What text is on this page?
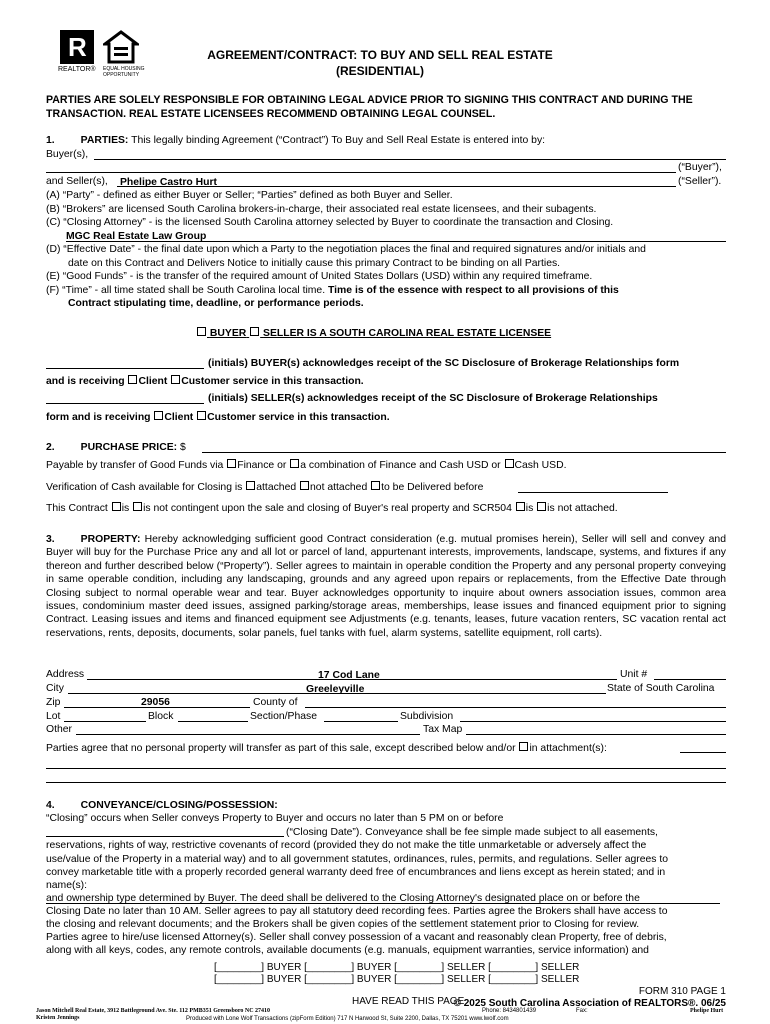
R
REALTOR® EQUAL HOUSING
OPPORTUNITY
AGREEMENT/CONTRACT: TO BUY AND SELL REAL ESTATE
(RESIDENTIAL)
PARTIES ARE SOLELY RESPONSIBLE FOR OBTAINING LEGAL ADVICE PRIOR TO SIGNING THIS CONTRACT AND DURING THE TRANSACTION. REAL ESTATE LICENSEES RECOMMEND OBTAINING LEGAL COUNSEL.
1.	PARTIES: This legally binding Agreement (“Contract”) To Buy and Sell Real Estate is entered into by:
Buyer(s),
(“Buyer”),
and Seller(s), Phelipe Castro Hurt	(“Seller”).
(A) “Party” - defined as either Buyer or Seller; “Parties” defined as both Buyer and Seller.
(B) “Brokers” are licensed South Carolina brokers-in-charge, their associated real estate licensees, and their subagents.
(C) “Closing Attorney” - is the licensed South Carolina attorney selected by Buyer to coordinate the transaction and Closing.
MGC Real Estate Law Group
(D) “Effective Date” - the final date upon which a Party to the negotiation places the final and required signatures and/or initials and
date on this Contract and Delivers Notice to initially cause this primary Contract to be binding on all Parties.
(E) “Good Funds” - is the transfer of the required amount of United States Dollars (USD) within any required timeframe.
(F) “Time” - all time stated shall be South Carolina local time. Time is of the essence with respect to all provisions of this
Contract stipulating time, deadline, or performance periods.
BUYER SELLER IS A SOUTH CAROLINA REAL ESTATE LICENSEE
(initials) BUYER(s) acknowledges receipt of the SC Disclosure of Brokerage Relationships form
and is receiving Client Customer service in this transaction.
(initials) SELLER(s) acknowledges receipt of the SC Disclosure of Brokerage Relationships
form and is receiving Client Customer service in this transaction.
2.	PURCHASE PRICE: $
Payable by transfer of Good Funds via Finance or a combination of Finance and Cash USD or Cash USD.
Verification of Cash available for Closing is attached not attached to be Delivered before
This Contract is is not contingent upon the sale and closing of Buyer's real property and SCR504 is is not attached.
3.	PROPERTY: Hereby acknowledging sufficient good Contract consideration (e.g. mutual promises herein), Seller will sell and convey and Buyer will buy for the Purchase Price any and all lot or parcel of land, appurtenant interests, improvements, landscape, systems, and fixtures if any thereon and further described below (“Property”). Seller agrees to maintain in operable condition the Property and any personal property conveying in same operable condition, including any landscaping, grounds and any agreed upon repairs or replacements, from the Effective Date through Closing subject to normal operable wear and tear. Buyer acknowledges opportunity to inquire about owners association issues, common area issues, condominium master deed issues, assigned parking/storage areas, memberships, lease issues and financed equipment prior to signing Contract. Leasing issues and items and financed equipment see Adjustments (e.g. tenants, leases, future vacation renters, SC vacation rental act reservations, rents, deposits, documents, solar panels, fuel tanks with fuel, alarm systems, satellite equipment, roll carts).
Address	17 Cod Lane	Unit #
City	Greeleyville	State of South Carolina
Zip	29056	County of
Lot	Block	Section/Phase	Subdivision
Other	Tax Map
Parties agree that no personal property will transfer as part of this sale, except described below and/or in attachment(s):
4.	CONVEYANCE/CLOSING/POSSESSION:
“Closing” occurs when Seller conveys Property to Buyer and occurs no later than 5 PM on or before
(“Closing Date”). Conveyance shall be fee simple made subject to all easements,
reservations, rights of way, restrictive covenants of record (provided they do not make the title unmarketable or adversely affect the
use/value of the Property in a material way) and to all government statutes, ordinances, rules, permits, and regulations. Seller agrees to
convey marketable title with a properly recorded general warranty deed free of encumbrances and liens except as herein stated; and in
name(s):
and ownership type determined by Buyer. The deed shall be delivered to the Closing Attorney's designated place on or before the
Closing Date no later than 10 AM. Seller agrees to pay all statutory deed recording fees. Parties agree the Brokers shall have access to
the closing and relevant documents; and the Brokers shall be given copies of the settlement statement prior to Closing for review.
Parties agree to hire/use licensed Attorney(s). Seller shall convey possession of a vacant and reasonably clean Property, free of debris,
along with all keys, codes, any remote controls, available documents (e.g. manuals, equipment warranties, service information) and
[________] BUYER [________] BUYER [________] SELLER [________] SELLER
[________] BUYER [________] BUYER [________] SELLER [________] SELLER
HAVE READ THIS PAGE
FORM 310 PAGE 1
© 2025 South Carolina Association of REALTORS®. 06/25
Jason Mitchell Real Estate, 3912 Battleground Ave. Ste. 112 PMB351 Greensboro NC 27410
Kristen Jennings
Phone: 8434801439	Fax:	Phelipe Hurt
Produced with Lone Wolf Transactions (zipForm Edition) 717 N Harwood St, Suite 2200, Dallas, TX 75201 www.lwolf.com
